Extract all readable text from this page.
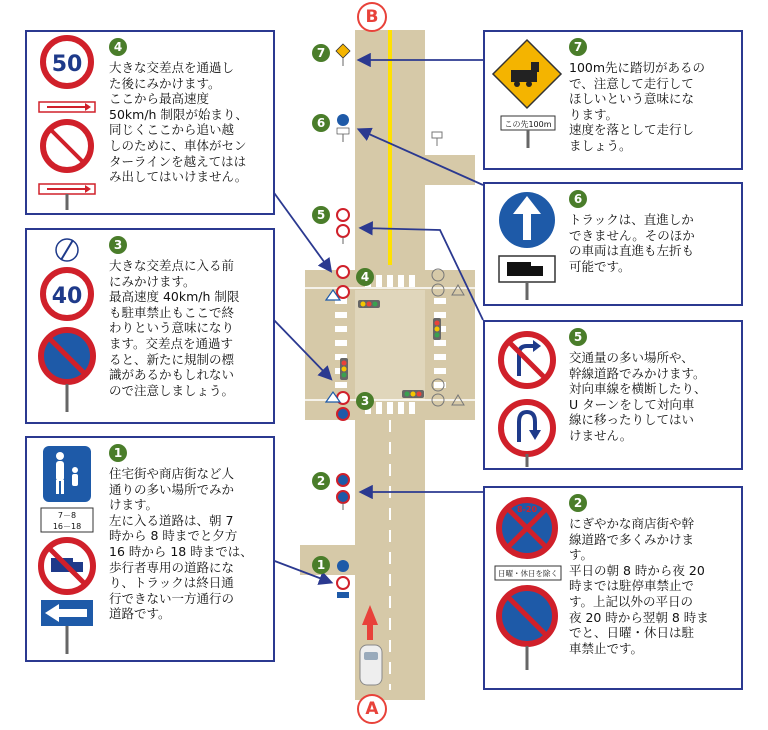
B
A
7
6
5
4
3
2
1
50
4
大きな交差点を通過し
た後にみかけます。
ここから最高速度
50km/h 制限が始まり、
同じくここから追い越
しのために、車体がセン
ターラインを越えてはは
み出してはいけません。
40
3
大きな交差点に入る前
にみかけます。
最高速度 40km/h 制限
も駐車禁止もここで終
わりという意味になり
ます。交差点を通過す
ると、新たに規制の標
識があるかもしれない
ので注意しましょう。
7－8
16－18
1
住宅街や商店街など人
通りの多い場所でみか
けます。
左に入る道路は、朝 7
時から 8 時までと夕方
16 時から 18 時までは、
歩行者専用の道路にな
り、トラックは終日通
行できない一方通行の
道路です。
この先100m
7
100m先に踏切があるの
で、注意して走行して
ほしいという意味にな
ります。
速度を落として走行し
ましょう。
6
トラックは、直進しか
できません。そのほか
の車両は直進も左折も
可能です。
5
交通量の多い場所や、
幹線道路でみかけます。
対向車線を横断したり、
U ターンをして対向車
線に移ったりしてはい
けません。
8-20
日曜・休日を除く
2
にぎやかな商店街や幹
線道路で多くみかけま
す。
平日の朝 8 時から夜 20
時までは駐停車禁止で
す。上記以外の平日の
夜 20 時から翌朝 8 時ま
でと、日曜・休日は駐
車禁止です。
